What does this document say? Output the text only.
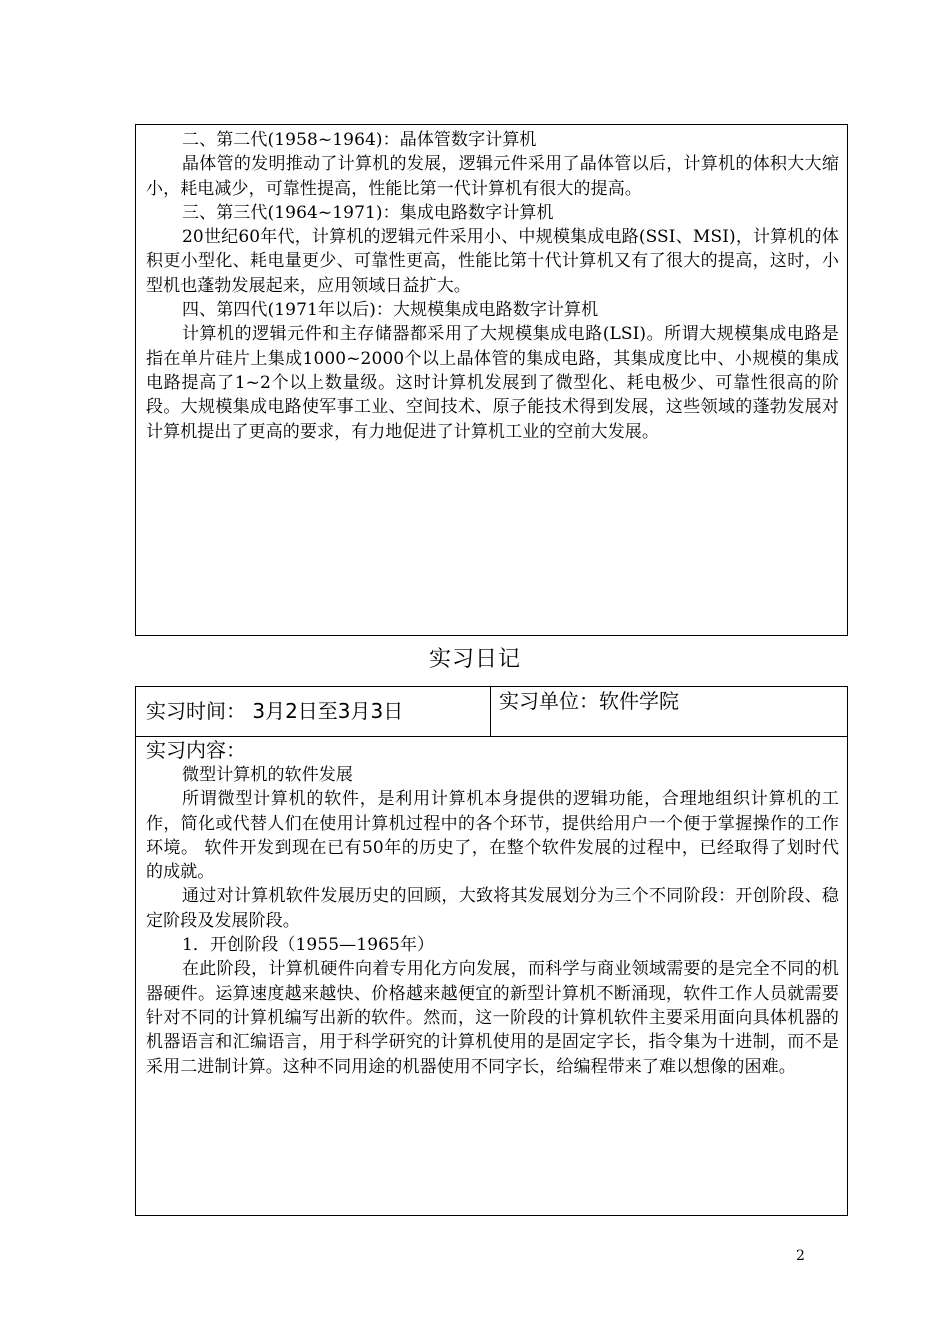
二、第二代(1958~1964)：晶体管数字计算机

晶体管的发明推动了计算机的发展，逻辑元件采用了晶体管以后，计算机的体积大大缩小，耗电减少，可靠性提高，性能比第一代计算机有很大的提高。

三、第三代(1964~1971)：集成电路数字计算机

20世纪60年代，计算机的逻辑元件采用小、中规模集成电路(SSI、MSI)，计算机的体积更小型化、耗电量更少、可靠性更高，性能比第十代计算机又有了很大的提高，这时，小型机也蓬勃发展起来，应用领域日益扩大。

四、第四代(1971年以后)：大规模集成电路数字计算机

计算机的逻辑元件和主存储器都采用了大规模集成电路(LSI)。所谓大规模集成电路是指在单片硅片上集成1000~2000个以上晶体管的集成电路，其集成度比中、小规模的集成电路提高了1~2个以上数量级。这时计算机发展到了微型化、耗电极少、可靠性很高的阶段。大规模集成电路使军事工业、空间技术、原子能技术得到发展，这些领域的蓬勃发展对计算机提出了更高的要求，有力地促进了计算机工业的空前大发展。

实习日记
实习时间： 3月2日至3月3日	实习单位：软件学院

实习内容：

微型计算机的软件发展

所谓微型计算机的软件，是利用计算机本身提供的逻辑功能，合理地组织计算机的工作，简化或代替人们在使用计算机过程中的各个环节，提供给用户一个便于掌握操作的工作环境。 软件开发到现在已有50年的历史了，在整个软件发展的过程中，已经取得了划时代的成就。

通过对计算机软件发展历史的回顾，大致将其发展划分为三个不同阶段：开创阶段、稳定阶段及发展阶段。

1．开创阶段（1955—1965年）

在此阶段，计算机硬件向着专用化方向发展，而科学与商业领域需要的是完全不同的机器硬件。运算速度越来越快、价格越来越便宜的新型计算机不断涌现，软件工作人员就需要针对不同的计算机编写出新的软件。然而，这一阶段的计算机软件主要采用面向具体机器的机器语言和汇编语言，用于科学研究的计算机使用的是固定字长，指令集为十进制，而不是采用二进制计算。这种不同用途的机器使用不同字长，给编程带来了难以想像的困难。

2
